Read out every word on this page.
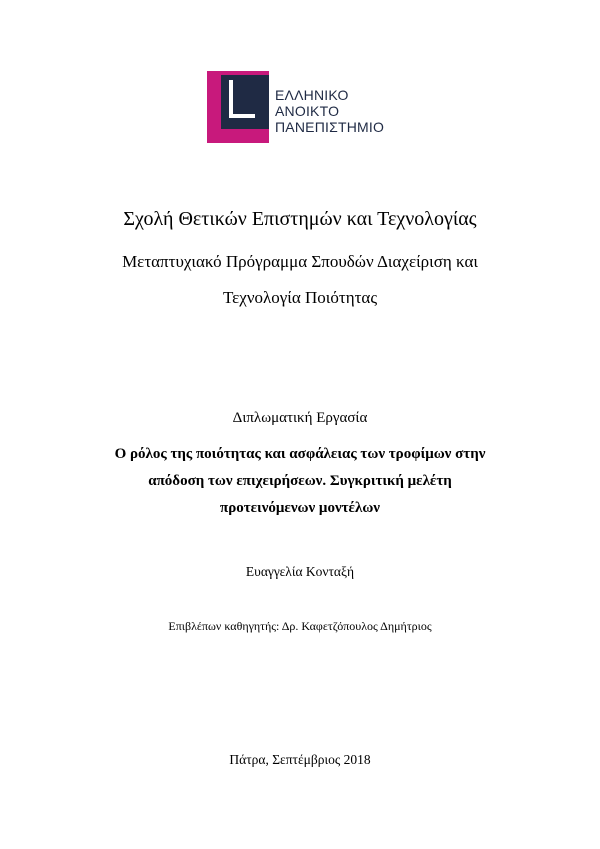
ΕΛΛΗΝΙΚΟ
ΑΝΟΙΚΤΟ
ΠΑΝΕΠΙΣΤΗΜΙΟ
Σχολή Θετικών Επιστημών και Τεχνολογίας
Μεταπτυχιακό Πρόγραμμα Σπουδών Διαχείριση και
Τεχνολογία Ποιότητας
Διπλωματική Εργασία
Ο ρόλος της ποιότητας και ασφάλειας των τροφίμων στην
απόδοση των επιχειρήσεων. Συγκριτική μελέτη
προτεινόμενων μοντέλων
Ευαγγελία Κονταξή
Επιβλέπων καθηγητής: Δρ. Καφετζόπουλος Δημήτριος
Πάτρα, Σεπτέμβριος 2018
